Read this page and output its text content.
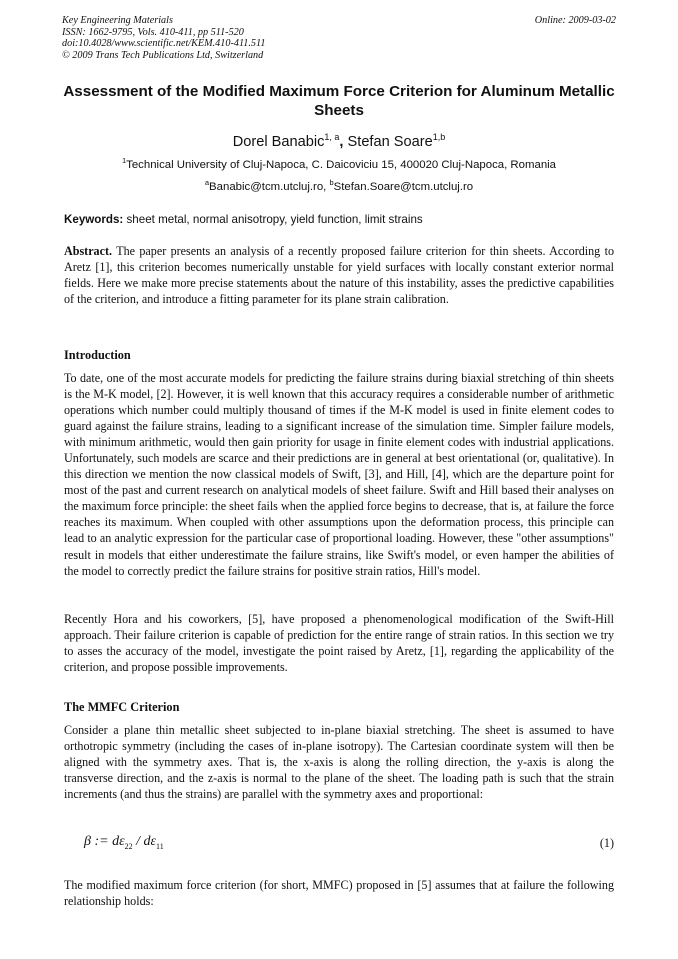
Key Engineering Materials
ISSN: 1662-9795, Vols. 410-411, pp 511-520
doi:10.4028/www.scientific.net/KEM.410-411.511
© 2009 Trans Tech Publications Ltd, Switzerland
Online: 2009-03-02
Assessment of the Modified Maximum Force Criterion for Aluminum Metallic Sheets
Dorel Banabic$^{1, a}$, Stefan Soare$^{1,b}$
$^1$Technical University of Cluj-Napoca, C. Daicoviciu 15, 400020 Cluj-Napoca, Romania
$^a$Banabic@tcm.utcluj.ro, $^b$Stefan.Soare@tcm.utcluj.ro
Keywords: sheet metal, normal anisotropy, yield function, limit strains
Abstract. The paper presents an analysis of a recently proposed failure criterion for thin sheets. According to Aretz [1], this criterion becomes numerically unstable for yield surfaces with locally constant exterior normal fields. Here we make more precise statements about the nature of this instability, asses the predictive capabilities of the criterion, and introduce a fitting parameter for its plane strain calibration.
Introduction
To date, one of the most accurate models for predicting the failure strains during biaxial stretching of thin sheets is the M-K model, [2]. However, it is well known that this accuracy requires a considerable number of arithmetic operations which number could multiply thousand of times if the M-K model is used in finite element codes to guard against the failure strains, leading to a significant increase of the simulation time. Simpler failure models, with minimum arithmetic, would then gain priority for usage in finite element codes with industrial applications. Unfortunately, such models are scarce and their predictions are in general at best orientational (or, qualitative). In this direction we mention the now classical models of Swift, [3], and Hill, [4], which are the departure point for most of the past and current research on analytical models of sheet failure. Swift and Hill based their analyses on the maximum force principle: the sheet fails when the applied force begins to decrease, that is, at failure the force reaches its maximum. When coupled with other assumptions upon the deformation process, this principle can lead to an analytic expression for the particular case of proportional loading. However, these "other assumptions" result in models that either underestimate the failure strains, like Swift's model, or even hamper the abilities of the model to correctly predict the failure strains for positive strain ratios, Hill's model.
Recently Hora and his coworkers, [5], have proposed a phenomenological modification of the Swift-Hill approach. Their failure criterion is capable of prediction for the entire range of strain ratios. In this section we try to asses the accuracy of the model, investigate the point raised by Aretz, [1], regarding the applicability of the criterion, and propose possible improvements.
The MMFC Criterion
Consider a plane thin metallic sheet subjected to in-plane biaxial stretching. The sheet is assumed to have orthotropic symmetry (including the cases of in-plane isotropy). The Cartesian coordinate system will then be aligned with the symmetry axes. That is, the x-axis is along the rolling direction, the y-axis is along the transverse direction, and the z-axis is normal to the plane of the sheet. The loading path is such that the strain increments (and thus the strains) are parallel with the symmetry axes and proportional:
β := $d\varepsilon_{22} / d\varepsilon_{11}$	(1)
The modified maximum force criterion (for short, MMFC) proposed in [5] assumes that at failure the following relationship holds:
